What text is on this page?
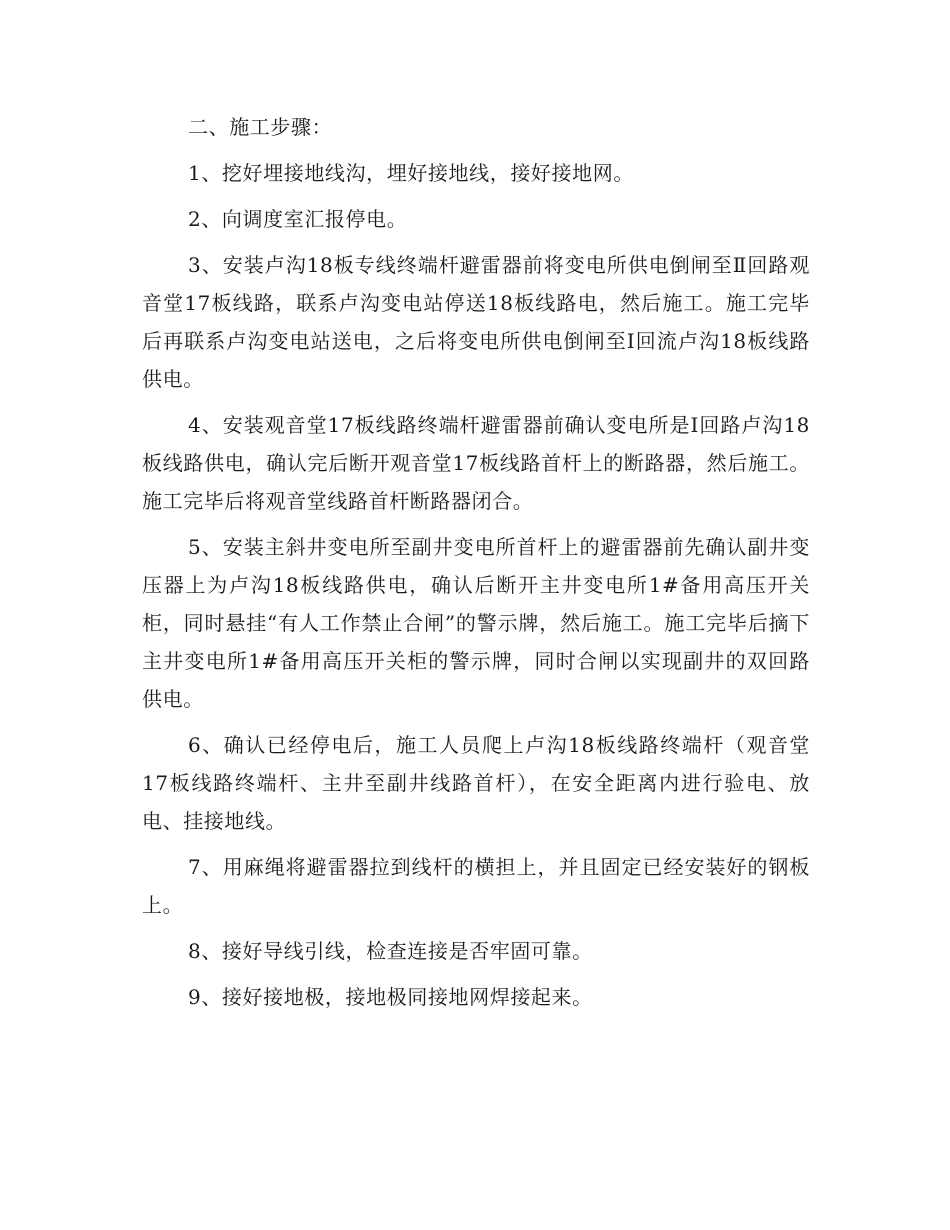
二、施工步骤：

1、挖好埋接地线沟，埋好接地线，接好接地网。

2、向调度室汇报停电。

3、安装卢沟18板专线终端杆避雷器前将变电所供电倒闸至Ⅱ回路观音堂17板线路，联系卢沟变电站停送18板线路电，然后施工。施工完毕后再联系卢沟变电站送电，之后将变电所供电倒闸至Ⅰ回流卢沟18板线路供电。

4、安装观音堂17板线路终端杆避雷器前确认变电所是Ⅰ回路卢沟18板线路供电，确认完后断开观音堂17板线路首杆上的断路器，然后施工。施工完毕后将观音堂线路首杆断路器闭合。

5、安装主斜井变电所至副井变电所首杆上的避雷器前先确认副井变压器上为卢沟18板线路供电，确认后断开主井变电所1#备用高压开关柜，同时悬挂“有人工作禁止合闸”的警示牌，然后施工。施工完毕后摘下主井变电所1#备用高压开关柜的警示牌，同时合闸以实现副井的双回路供电。

6、确认已经停电后，施工人员爬上卢沟18板线路终端杆（观音堂17板线路终端杆、主井至副井线路首杆），在安全距离内进行验电、放电、挂接地线。

7、用麻绳将避雷器拉到线杆的横担上，并且固定已经安装好的钢板上。

8、接好导线引线，检查连接是否牢固可靠。

9、接好接地极，接地极同接地网焊接起来。
